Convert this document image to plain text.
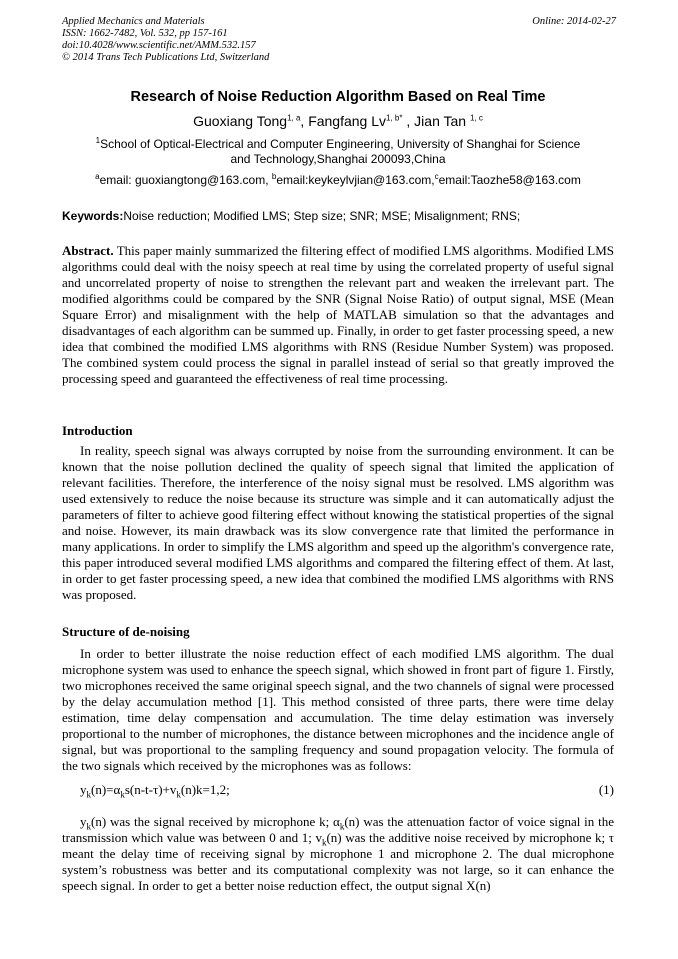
Applied Mechanics and Materials
ISSN: 1662-7482, Vol. 532, pp 157-161
doi:10.4028/www.scientific.net/AMM.532.157
© 2014 Trans Tech Publications Ltd, Switzerland
Online: 2014-02-27
Research of Noise Reduction Algorithm Based on Real Time
Guoxiang Tong$^{1, a}$, Fangfang $Lv^{1, b*}$ , Jian Tan $^{1, c}$
$^1$School of Optical-Electrical and Computer Engineering, University of Shanghai for Science and Technology,Shanghai 200093,China
$^a$email: guoxiangtong@163.com, $^b$email:keykeylvjian@163.com,$^c$email:Taozhe58@163.com
Keywords:Noise reduction; Modified LMS; Step size; SNR; MSE; Misalignment; RNS;

Abstract. This paper mainly summarized the filtering effect of modified LMS algorithms. Modified LMS algorithms could deal with the noisy speech at real time by using the correlated property of useful signal and uncorrelated property of noise to strengthen the relevant part and weaken the irrelevant part. The modified algorithms could be compared by the SNR (Signal Noise Ratio) of output signal, MSE (Mean Square Error) and misalignment with the help of MATLAB simulation so that the advantages and disadvantages of each algorithm can be summed up. Finally, in order to get faster processing speed, a new idea that combined the modified LMS algorithms with RNS (Residue Number System) was proposed. The combined system could process the signal in parallel instead of serial so that greatly improved the processing speed and guaranteed the effectiveness of real time processing.

Introduction

In reality, speech signal was always corrupted by noise from the surrounding environment. It can be known that the noise pollution declined the quality of speech signal that limited the application of relevant facilities. Therefore, the interference of the noisy signal must be resolved. LMS algorithm was used extensively to reduce the noise because its structure was simple and it can automatically adjust the parameters of filter to achieve good filtering effect without knowing the statistical properties of the signal and noise. However, its main drawback was its slow convergence rate that limited the performance in many applications. In order to simplify the LMS algorithm and speed up the algorithm's convergence rate, this paper introduced several modified LMS algorithms and compared the filtering effect of them. At last, in order to get faster processing speed, a new idea that combined the modified LMS algorithms with RNS was proposed.

Structure of de-noising

In order to better illustrate the noise reduction effect of each modified LMS algorithm. The dual microphone system was used to enhance the speech signal, which showed in front part of figure 1. Firstly, two microphones received the same original speech signal, and the two channels of signal were processed by the delay accumulation method [1]. This method consisted of three parts, there were time delay estimation, time delay compensation and accumulation. The time delay estimation was inversely proportional to the number of microphones, the distance between microphones and the incidence angle of signal, but was proportional to the sampling frequency and sound propagation velocity. The formula of the two signals which received by the microphones was as follows:

$y_k(n)=\alpha_ks(n-t-\tau)+v_k(n)k=1,2$;	(1)

$y_k(n)$ was the signal received by microphone k; $\alpha_k(n)$ was the attenuation factor of voice signal in the transmission which value was between 0 and 1; $v_k(n)$ was the additive noise received by microphone k; τ meant the delay time of receiving signal by microphone 1 and microphone 2. The dual microphone system’s robustness was better and its computational complexity was not large, so it can enhance the speech signal. In order to get a better noise reduction effect, the output signal X(n)
